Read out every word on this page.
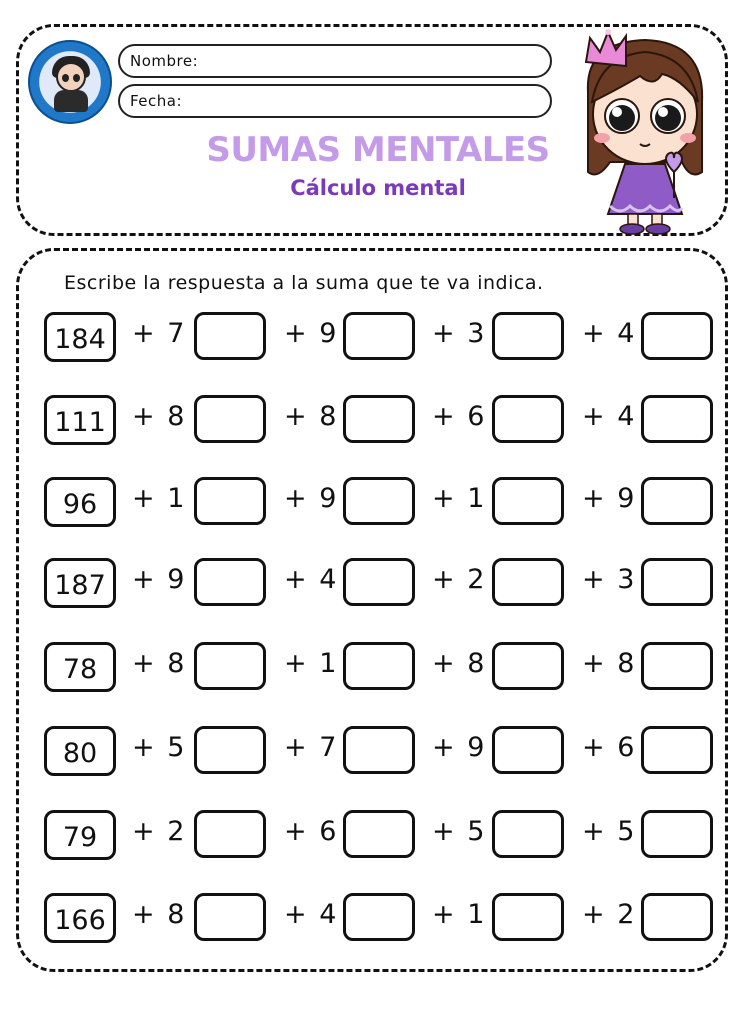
Nombre:
Fecha:
SUMAS MENTALES
Cálculo mental
Escribe la respuesta a la suma que te va indica.
184 + 7	+ 9	+ 3	+ 4
111 + 8	+ 8	+ 6	+ 4
96	+ 1	+ 9	+ 1	+ 9
187 + 9	+ 4	+ 2	+ 3
78	+ 8	+ 1	+ 8	+ 8
80	+ 5	+ 7	+ 9	+ 6
79	+ 2	+ 6	+ 5	+ 5
166 + 8	+ 4	+ 1	+ 2
